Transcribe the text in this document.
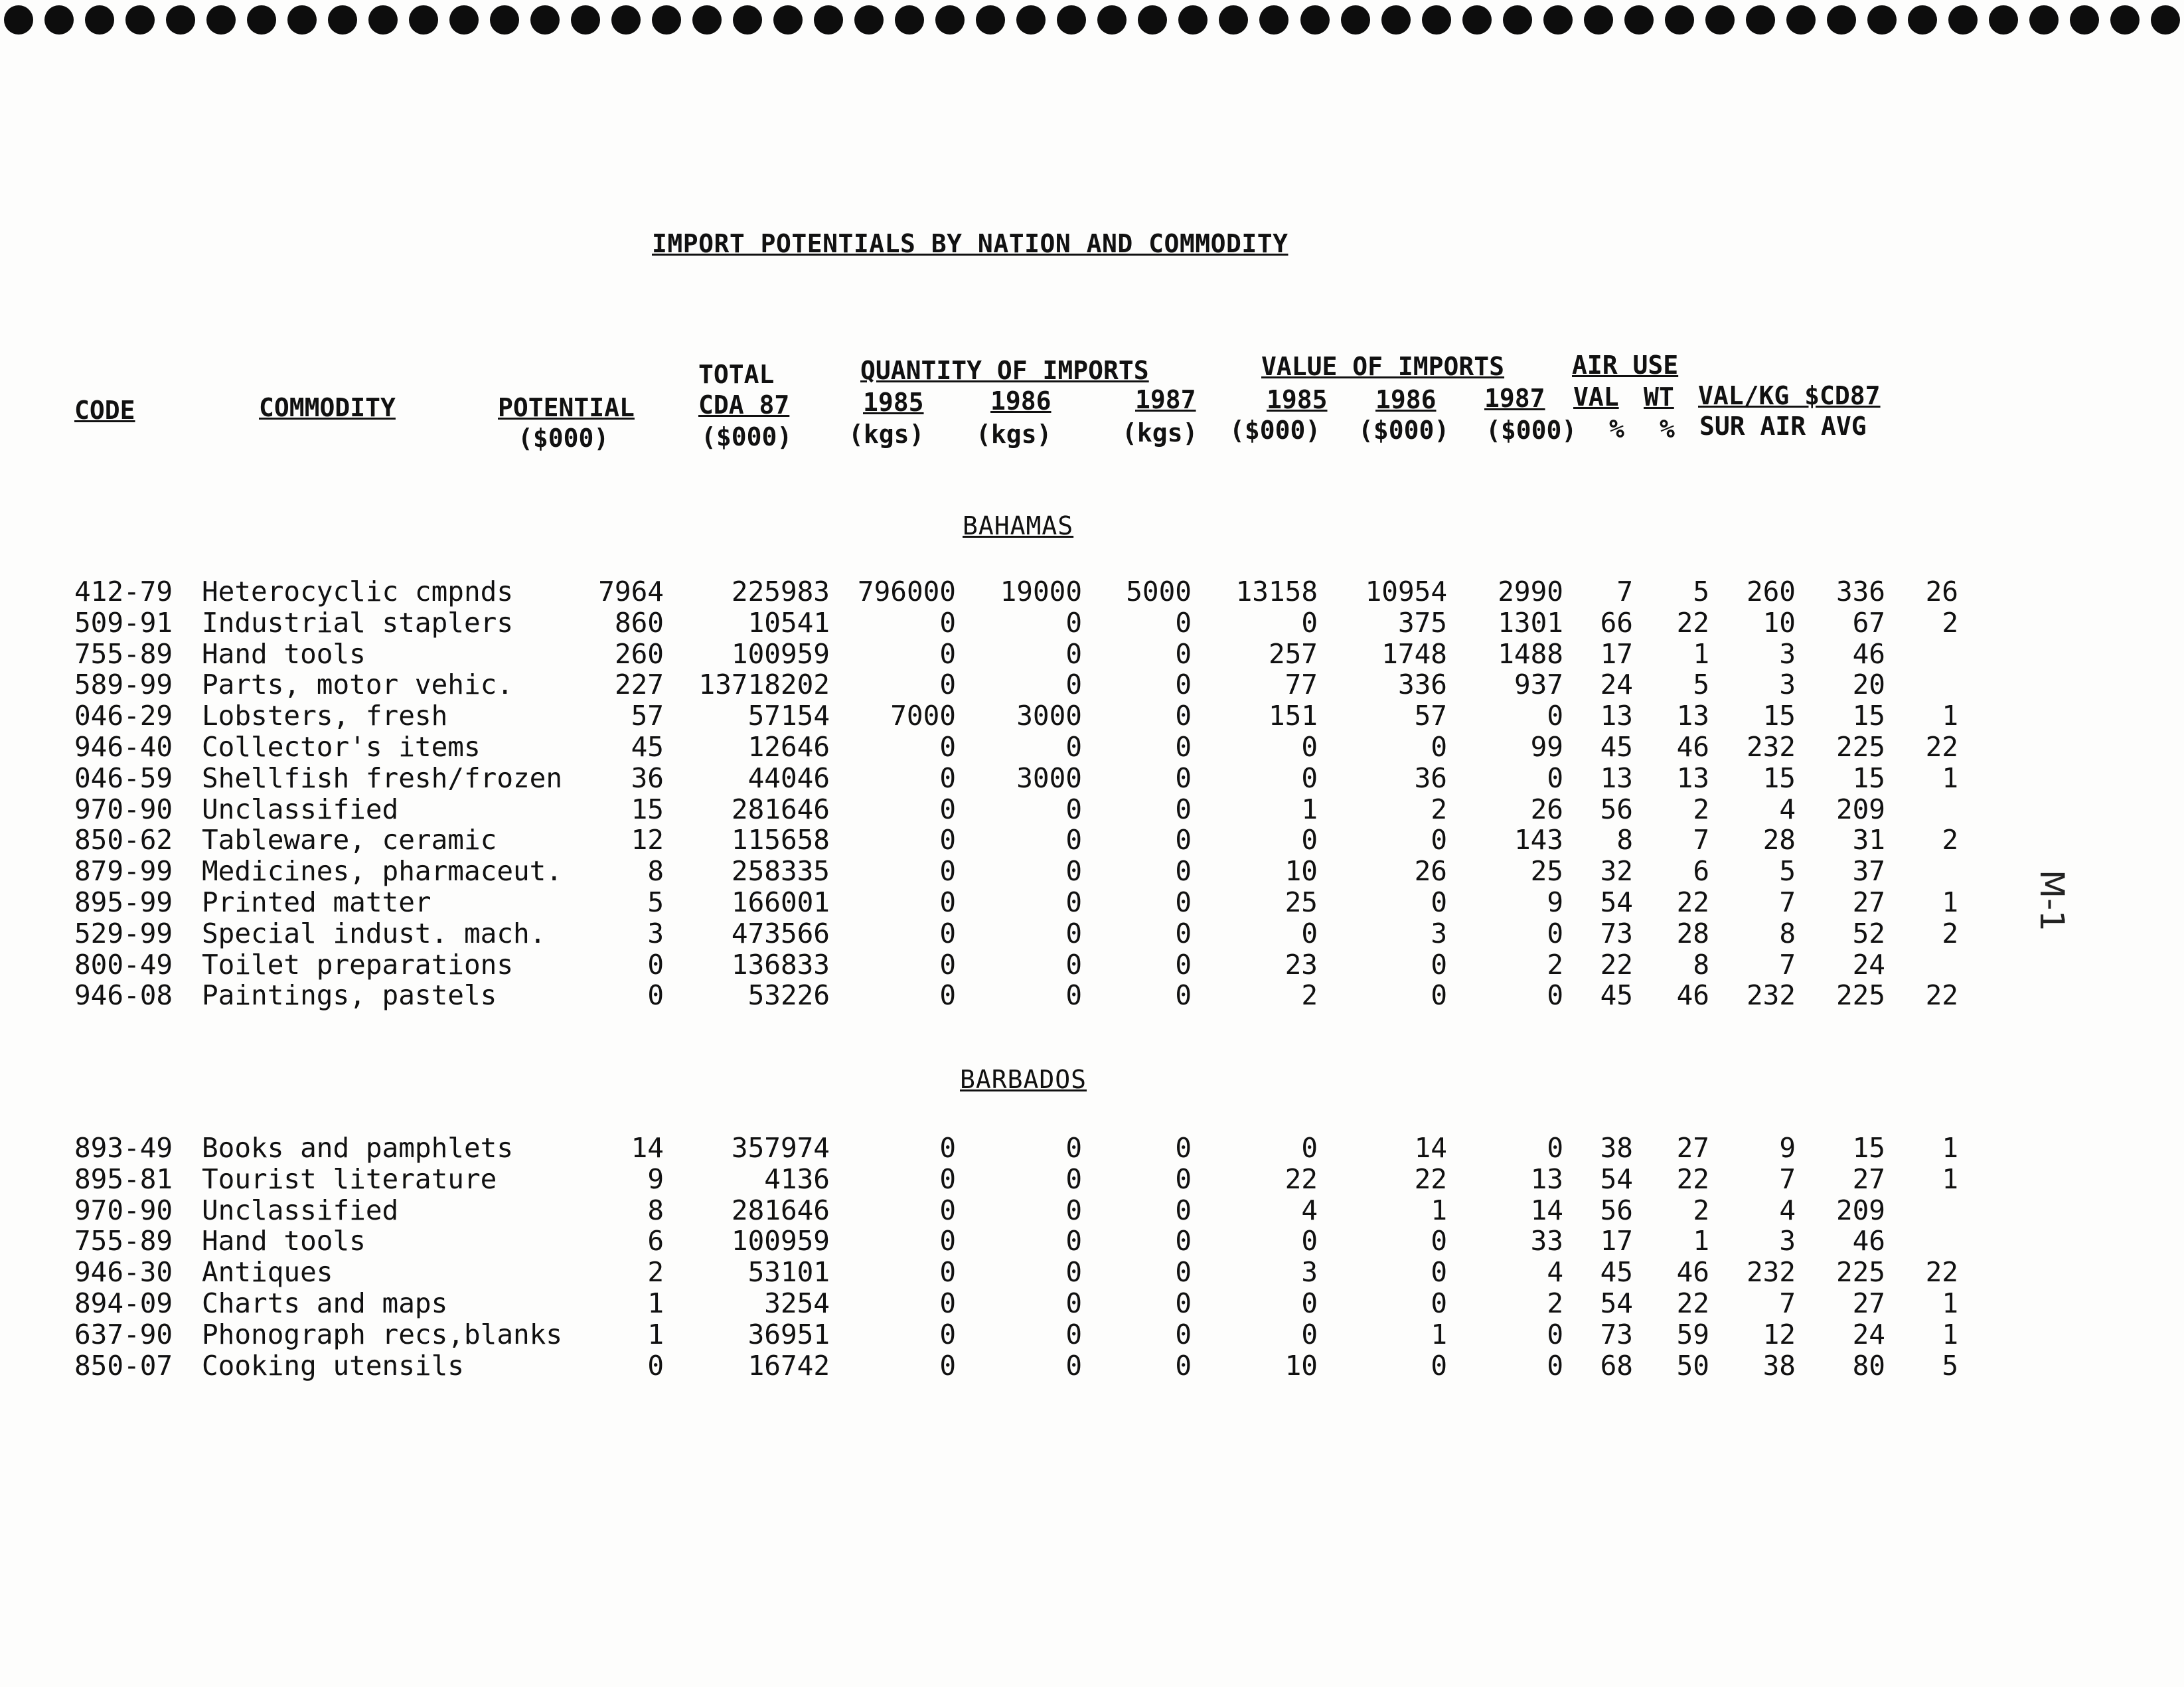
IMPORT POTENTIALS BY NATION AND COMMODITY
CODE	COMMODITY	POTENTIAL
($000)
TOTAL
CDA 87
($000)
QUANTITY OF IMPORTS
1985	1986	1987
(kgs) (kgs)	(kgs)
VALUE OF IMPORTS
1985 1986 1987
($000) ($000) ($000)
AIR USE
VAL WT
% %
VAL/KG $CD87
SUR AIR AVG
BAHAMAS
412-79	Heterocyclic cmpnds	7964	225983	796000	19000	5000	13158	10954	2990	7	5	260	336	26
509-91	Industrial staplers	860	10541	0	0	0	0	375	1301	66	22	10	67	2
755-89	Hand tools	260	100959	0	0	0	257	1748	1488	17	1	3	46
589-99	Parts, motor vehic.	227	13718202	0	0	0	77	336	937	24	5	3	20
046-29	Lobsters, fresh	57	57154	7000	3000	0	151	57	0	13	13	15	15	1
946-40	Collector's items	45	12646	0	0	0	0	0	99	45	46	232	225	22
046-59	Shellfish fresh/frozen	36	44046	0	3000	0	0	36	0	13	13	15	15	1
970-90	Unclassified	15	281646	0	0	0	1	2	26	56	2	4	209
850-62	Tableware, ceramic	12	115658	0	0	0	0	0	143	8	7	28	31	2
879-99	Medicines, pharmaceut.	8	258335	0	0	0	10	26	25	32	6	5	37
895-99	Printed matter	5	166001	0	0	0	25	0	9	54	22	7	27	1
529-99	Special indust. mach.	3	473566	0	0	0	0	3	0	73	28	8	52	2
800-49	Toilet preparations	0	136833	0	0	0	23	0	2	22	8	7	24
946-08	Paintings, pastels	0	53226	0	0	0	2	0	0	45	46	232	225	22
BARBADOS
893-49	Books and pamphlets	14	357974	0	0	0	0	14	0	38	27	9	15	1
895-81	Tourist literature	9	4136	0	0	0	22	22	13	54	22	7	27	1
970-90	Unclassified	8	281646	0	0	0	4	1	14	56	2	4	209
755-89	Hand tools	6	100959	0	0	0	0	0	33	17	1	3	46
946-30	Antiques	2	53101	0	0	0	3	0	4	45	46	232	225	22
894-09	Charts and maps	1	3254	0	0	0	0	0	2	54	22	7	27	1
637-90	Phonograph recs,blanks	1	36951	0	0	0	0	1	0	73	59	12	24	1
850-07	Cooking utensils	0	16742	0	0	0	10	0	0	68	50	38	80	5
M-1
